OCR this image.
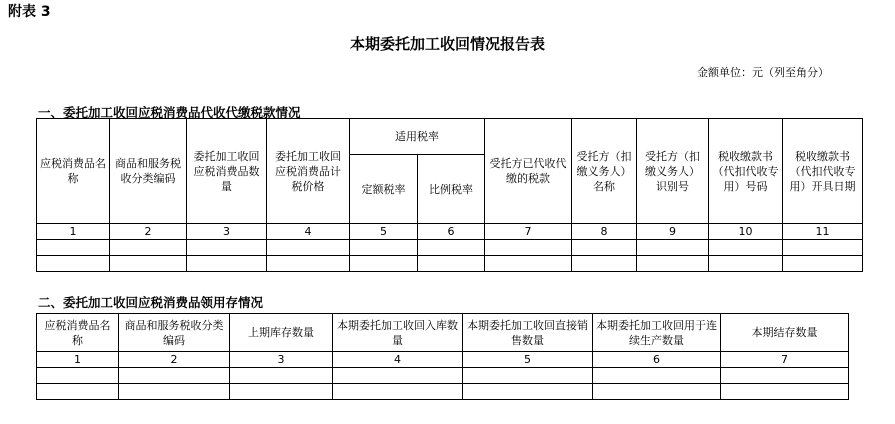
附表 3
本期委托加工收回情况报告表
金额单位：元（列至角分）
一、委托加工收回应税消费品代收代缴税款情况
应税消费品名称	商品和服务税收分类编码	委托加工收回应税消费品数量	委托加工收回应税消费品计税价格	适用税率		受托方已代收代缴的税款	受托方（扣缴义务人）名称	受托方（扣缴义务人）识别号	税收缴款书（代扣代收专用）号码	税收缴款书（代扣代收专用）开具日期
				定额税率	比例税率					
1	2	3	4	5	6	7	8	9	10	11

二、委托加工收回应税消费品领用存情况
应税消费品名称	商品和服务税收分类编码	上期库存数量	本期委托加工收回入库数量	本期委托加工收回直接销售数量	本期委托加工收回用于连续生产数量	本期结存数量
1	2	3	4	5	6	7
